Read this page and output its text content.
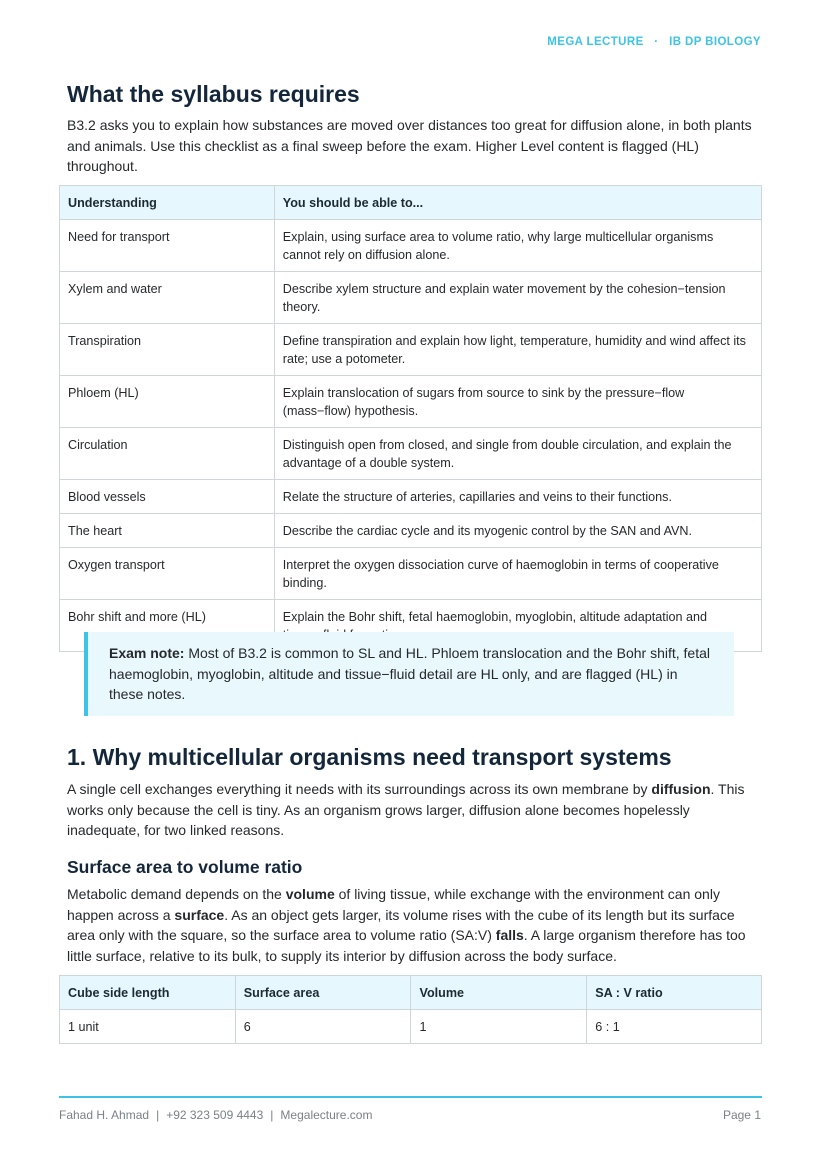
MEGA LECTURE · IB DP BIOLOGY
What the syllabus requires

B3.2 asks you to explain how substances are moved over distances too great for diffusion alone, in both plants and animals. Use this checklist as a final sweep before the exam. Higher Level content is flagged (HL) throughout.

Understanding	You should be able to...
Need for transport	Explain, using surface area to volume ratio, why large multicellular organisms cannot rely on diffusion alone.
Xylem and water	Describe xylem structure and explain water movement by the cohesion−tension theory.
Transpiration	Define transpiration and explain how light, temperature, humidity and wind affect its rate; use a potometer.
Phloem (HL)	Explain translocation of sugars from source to sink by the pressure−flow (mass−flow) hypothesis.
Circulation	Distinguish open from closed, and single from double circulation, and explain the advantage of a double system.
Blood vessels	Relate the structure of arteries, capillaries and veins to their functions.
The heart	Describe the cardiac cycle and its myogenic control by the SAN and AVN.
Oxygen transport	Interpret the oxygen dissociation curve of haemoglobin in terms of cooperative binding.
Bohr shift and more (HL)	Explain the Bohr shift, fetal haemoglobin, myoglobin, altitude adaptation and
Exam note: Most of B3.2 is common to SL and HL. Phloem translocation and the Bohr shift, fetal haemoglobin, myoglobin, altitude and tissue−fluid detail are HL only, and are flagged (HL) in these notes.
1. Why multicellular organisms need transport systems

A single cell exchanges everything it needs with its surroundings across its own membrane by diffusion. This works only because the cell is tiny. As an organism grows larger, diffusion alone becomes hopelessly inadequate, for two linked reasons.

Surface area to volume ratio

Metabolic demand depends on the volume of living tissue, while exchange with the environment can only happen across a surface. As an object gets larger, its volume rises with the cube of its length but its surface area only with the square, so the surface area to volume ratio (SA:V) falls. A large organism therefore has too little surface, relative to its bulk, to supply its interior by diffusion across the body surface.

Cube side length	Surface area	Volume	SA : V ratio
1 unit	6	1	6 : 1
Fahad H. Ahmad | +92 323 509 4443 | Megalecture.com	Page 1
